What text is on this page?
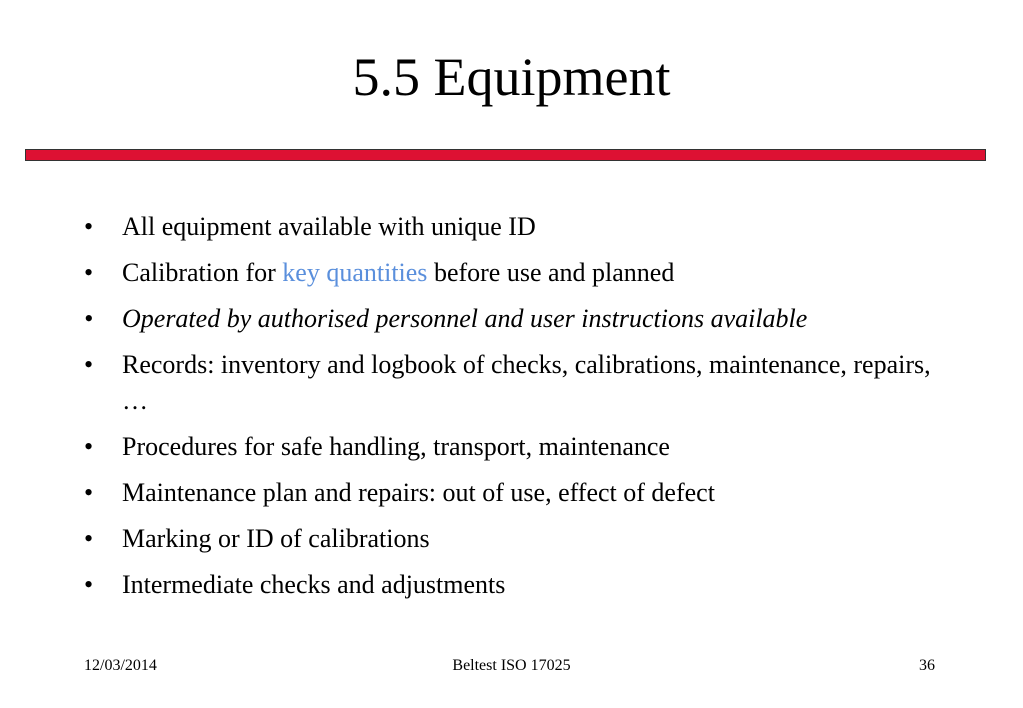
5.5 Equipment
• All equipment available with unique ID
• Calibration for key quantities before use and planned
• Operated by authorised personnel and user instructions available
• Records: inventory and logbook of checks, calibrations, maintenance, repairs, …
• Procedures for safe handling, transport, maintenance
• Maintenance plan and repairs: out of use, effect of defect
• Marking or ID of calibrations
• Intermediate checks and adjustments
12/03/2014	Beltest ISO 17025	36
